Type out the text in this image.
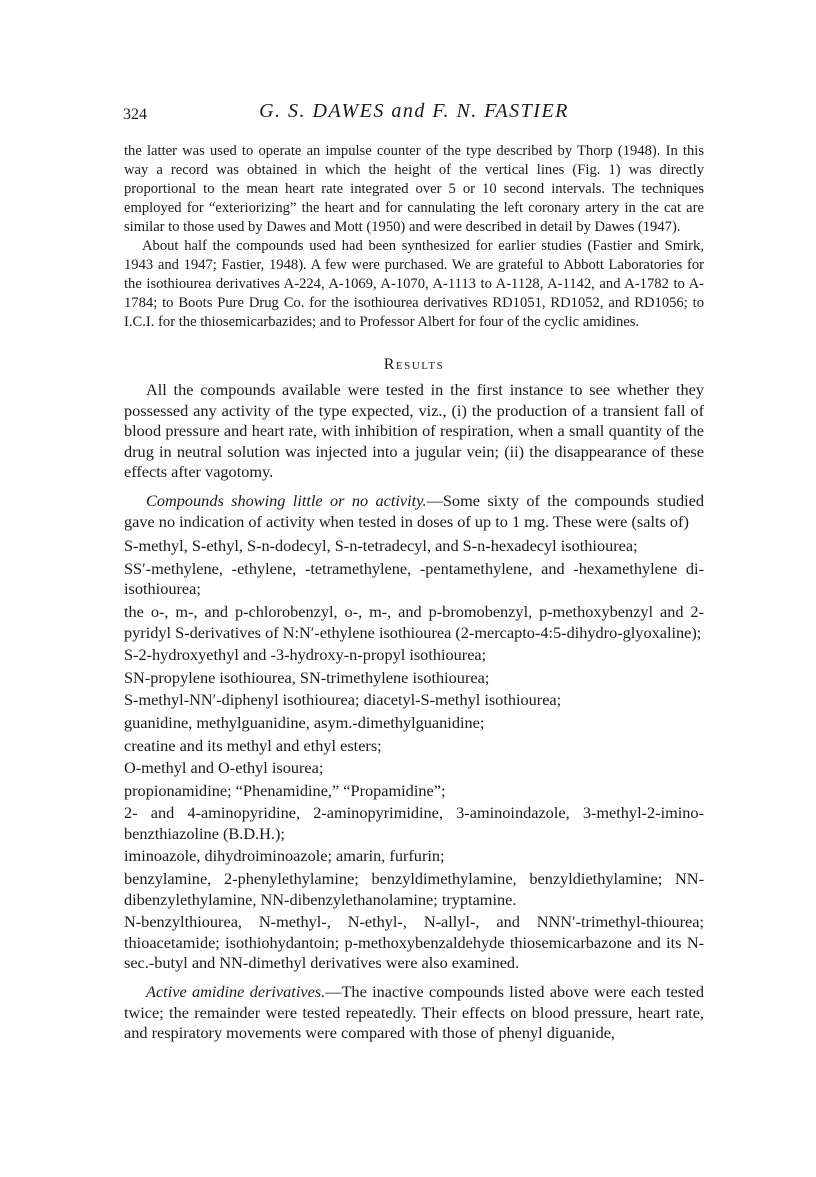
324	G. S. DAWES and F. N. FASTIER

the latter was used to operate an impulse counter of the type described by Thorp (1948). In this way a record was obtained in which the height of the vertical lines (Fig. 1) was directly proportional to the mean heart rate integrated over 5 or 10 second intervals. The techniques employed for “exteriorizing” the heart and for cannulating the left coronary artery in the cat are similar to those used by Dawes and Mott (1950) and were described in detail by Dawes (1947).

About half the compounds used had been synthesized for earlier studies (Fastier and Smirk, 1943 and 1947; Fastier, 1948). A few were purchased. We are grateful to Abbott Laboratories for the isothiourea derivatives A-224, A-1069, A-1070, A-1113 to A-1128, A-1142, and A-1782 to A-1784; to Boots Pure Drug Co. for the isothiourea derivatives RD1051, RD1052, and RD1056; to I.C.I. for the thiosemicarbazides; and to Professor Albert for four of the cyclic amidines.

Results

All the compounds available were tested in the first instance to see whether they possessed any activity of the type expected, viz., (i) the production of a transient fall of blood pressure and heart rate, with inhibition of respiration, when a small quantity of the drug in neutral solution was injected into a jugular vein; (ii) the disappearance of these effects after vagotomy.

Compounds showing little or no activity.—Some sixty of the compounds studied gave no indication of activity when tested in doses of up to 1 mg. These were (salts of)

S-methyl, S-ethyl, S-n-dodecyl, S-n-tetradecyl, and S-n-hexadecyl isothiourea;

SS′-methylene, -ethylene, -tetramethylene, -pentamethylene, and -hexamethylene di-isothiourea;

the o-, m-, and p-chlorobenzyl, o-, m-, and p-bromobenzyl, p-methoxybenzyl and 2-pyridyl S-derivatives of N:N′-ethylene isothiourea (2-mercapto-4:5-dihydro-glyoxaline);

S-2-hydroxyethyl and -3-hydroxy-n-propyl isothiourea;

SN-propylene isothiourea, SN-trimethylene isothiourea;

S-methyl-NN′-diphenyl isothiourea; diacetyl-S-methyl isothiourea;

guanidine, methylguanidine, asym.-dimethylguanidine;

creatine and its methyl and ethyl esters;

O-methyl and O-ethyl isourea;

propionamidine; “Phenamidine,” “Propamidine”;

2- and 4-aminopyridine, 2-aminopyrimidine, 3-aminoindazole, 3-methyl-2-imino-benzthiazoline (B.D.H.);

iminoazole, dihydroiminoazole; amarin, furfurin;

benzylamine, 2-phenylethylamine; benzyldimethylamine, benzyldiethylamine; NN-dibenzylethylamine, NN-dibenzylethanolamine; tryptamine.

N-benzylthiourea, N-methyl-, N-ethyl-, N-allyl-, and NNN′-trimethyl-thiourea; thioacetamide; isothiohydantoin; p-methoxybenzaldehyde thiosemicarbazone and its N-sec.-butyl and NN-dimethyl derivatives were also examined.

Active amidine derivatives.—The inactive compounds listed above were each tested twice; the remainder were tested repeatedly. Their effects on blood pressure, heart rate, and respiratory movements were compared with those of phenyl diguanide,
